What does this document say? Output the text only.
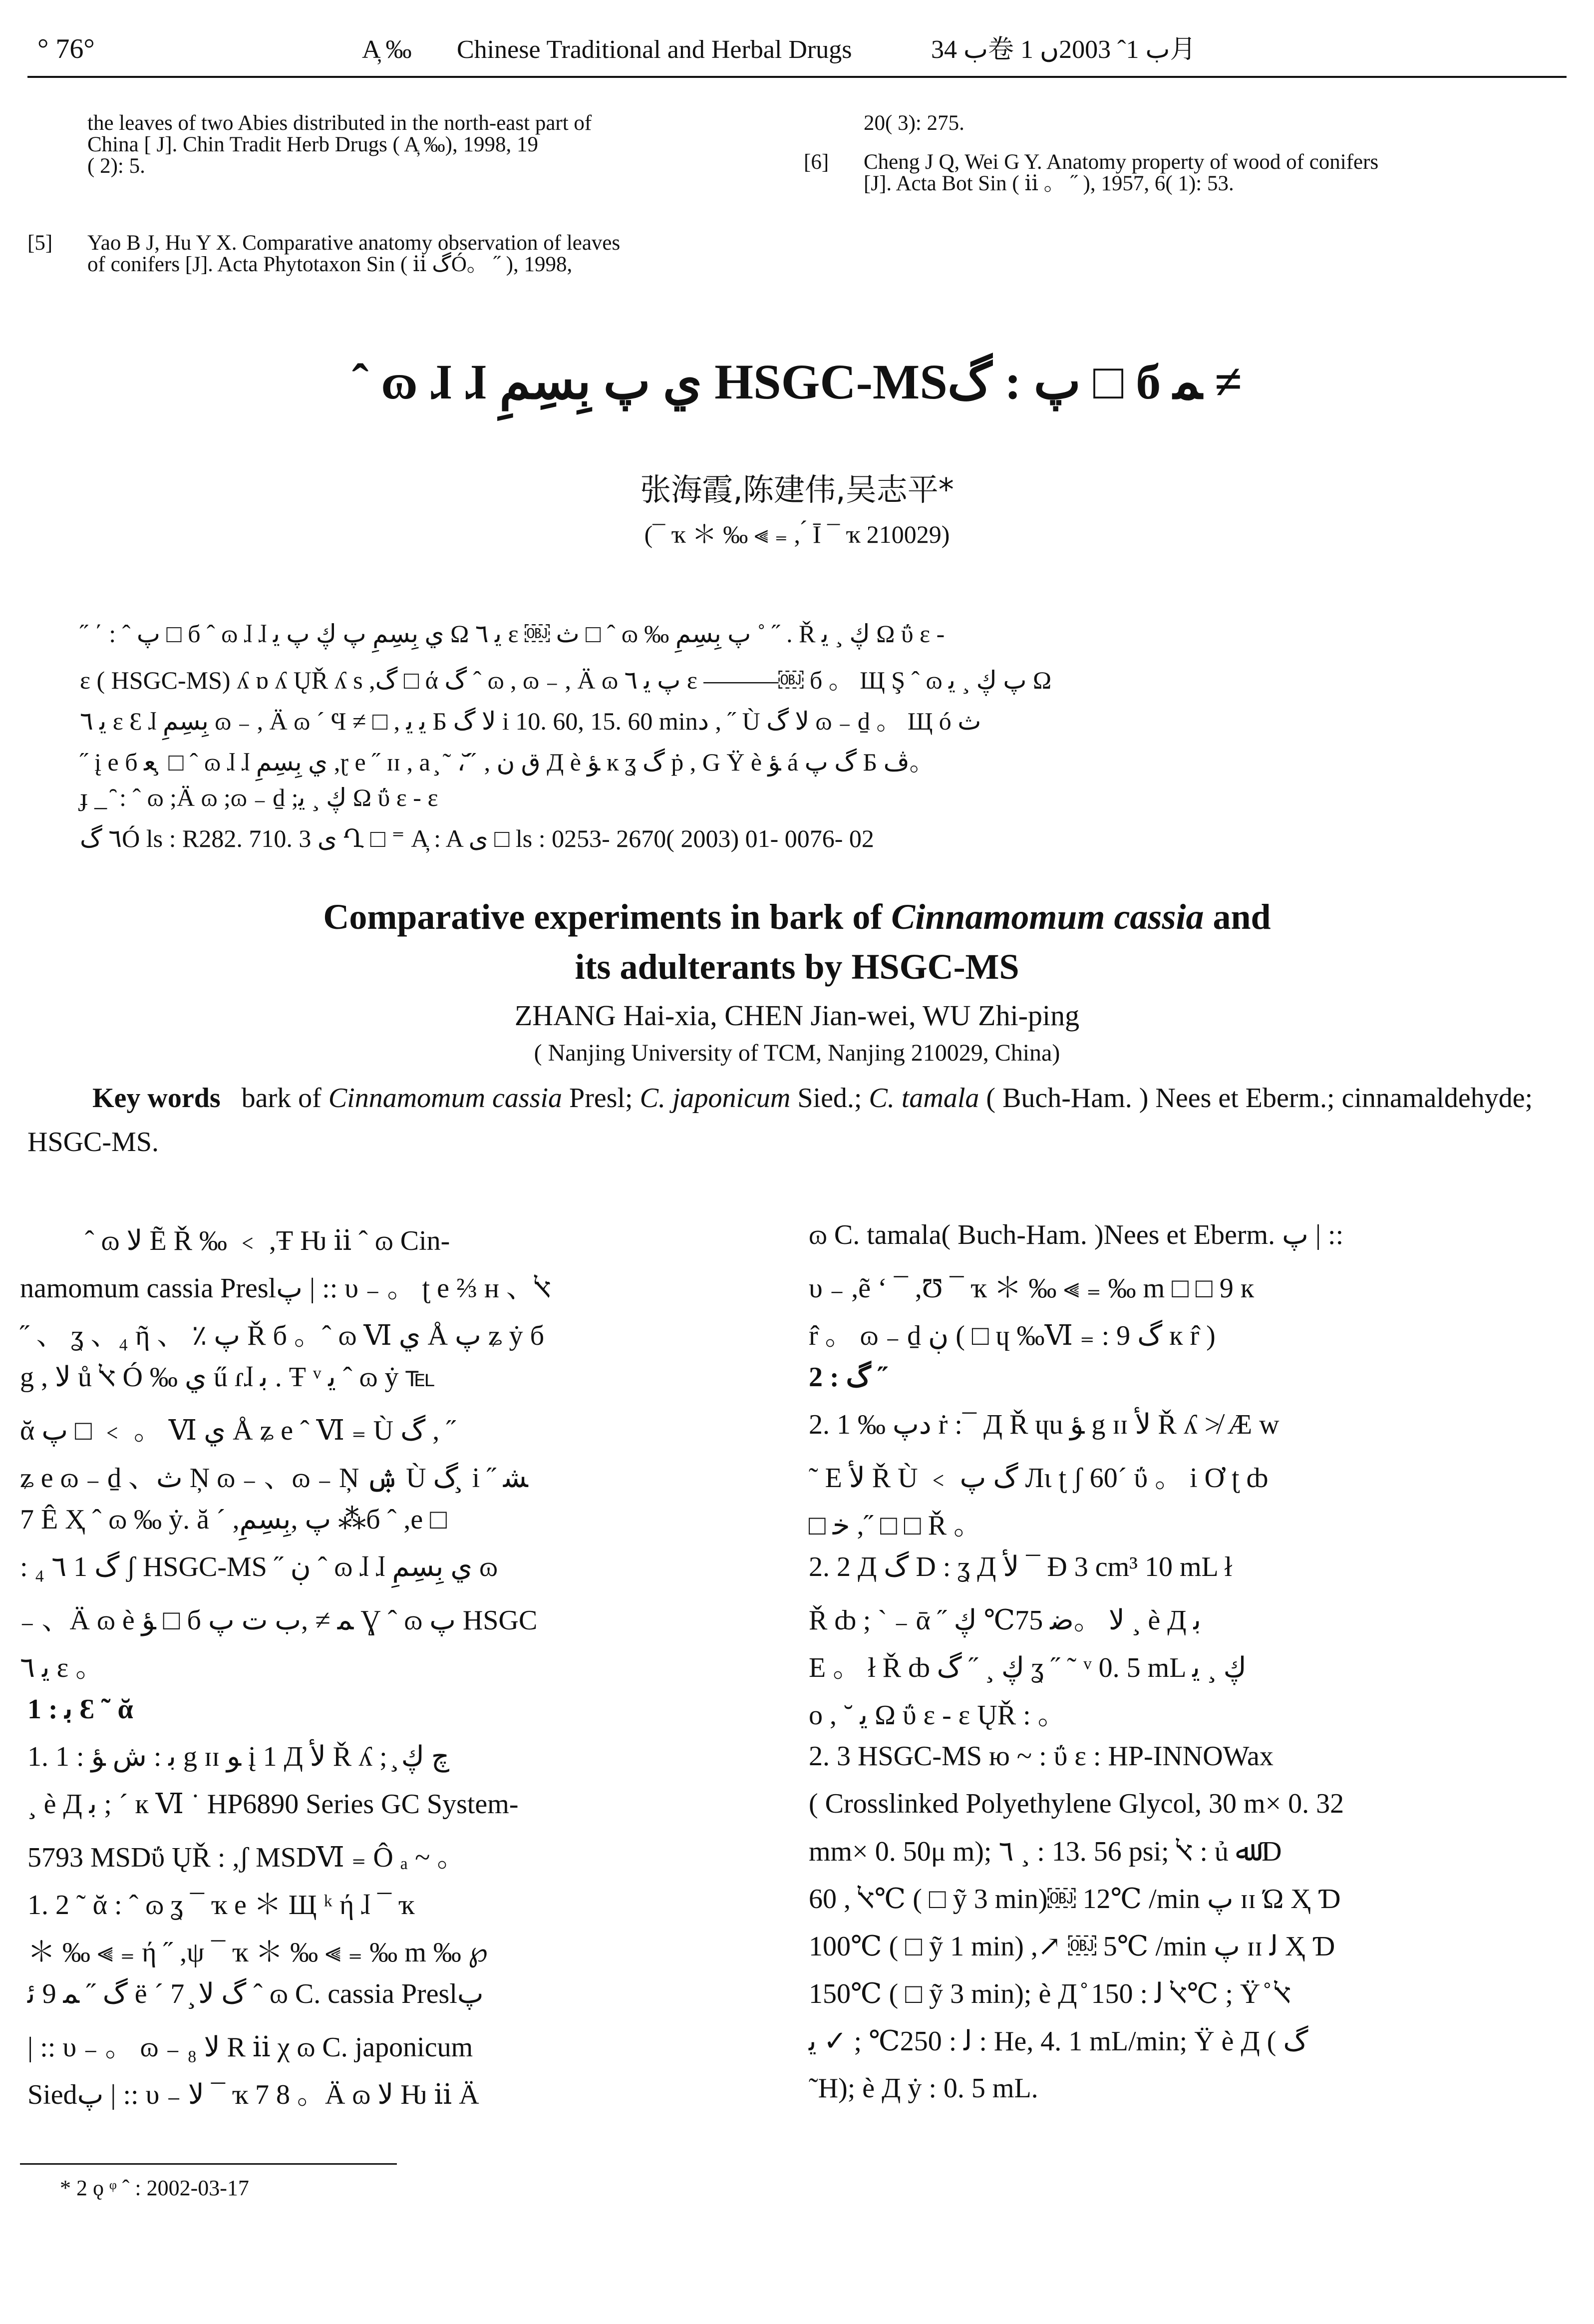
° 76°	A̦ ‰ Chinese Traditional and Herbal Drugs	ب 34卷 ب 1ˆ 2003ں 1月
the leaves of two Abies distributed in the north-east part of
China [ J]. Chin Tradit Herb Drugs ( A̦ ‰), 1998, 19
( 2): 5.
[5] Yao B J, Hu Y X. Comparative anatomy observation of leaves
of conifers [J]. Acta Phytotaxon Sin ( ⅱ گÓ。 ˝ ), 1998,
20( 3): 275.
[6] Cheng J Q, Wei G Y. Anatomy property of wood of conifers
[J]. Acta Bot Sin ( ⅱ 。 ˝ ), 1957, 6( 1): 53.
ˆ ɷ ɺ ɺ ي پ بِسِمِ HSGC-MSپ : گ □ б ﻤ ≠
张海霞,陈建伟,吴志平*
(¯ ҡ ＊ ‰ ⫷ ₌ , ́ Ī ¯ ҡ 210029)
˝ ΄ : ˆ پ □ б ˆ ɷ ɺ ɺ ي بِسِمِ پ ڮ پ ﻳ Ω ﻳ ٦ ɛ ￼ ث □ ˆ ɷ ‰ پ بِسِمِ ˚ ˝ . Ř ڮ ¸ ﻳ Ω ΰ ɛ -
ɛ ( HSGC-MS) ʎ ɒ ʎ ŲŘ ʎ s ,گ □ ά گ ˆ ɷ , ɷ ₋ , Ä ɷ پ ﻳ ٦ ɛ ———￼ б 。 Щ Ş ˆ ɷ پ ڮ ¸ ﻳ Ω
ﻳ ٦ ɛ Ɛ ɺ بِسِمِ ɷ ₋ , Ä ɷ ´ Ϥ ≠ □ , ﻳ ﻳ Б ﻻ گ i 10. 60, 15. 60 minد , ˝ Ù ﻻ گ ɷ ₋ ḏ 。 Щ ó ث
˝ į e б ﻌ ̧ □ ˆ ɷ ɺ ɺ ي بِسِمِ ,ɽ e ˝ ɪɪ , a ̧ ˜ ، ̆ ̋ , ق ن Д è ﺆ ĸ ʓ گ ṗ , G Ÿ è ﺆ á گ پ Б ڤ。
ɟ _ ̑ : ˆ ɷ ;Ä ɷ ;ɷ ₋ ḏ ;ڮ ¸ ﻳ Ω ΰ ɛ - ɛ
٦ گÓ ls : R282. 710. 3 ى Ղ □ ⁼ A̦ : A ى □ ls : 0253- 2670( 2003) 01- 0076- 02
Comparative experiments in bark of Cinnamomum cassia and
its adulterants by HSGC-MS
ZHANG Hai-xia, CHEN Jian-wei, WU Zhi-ping
( Nanjing University of TCM, Nanjing 210029, China)
Key words bark of Cinnamomum cassia Presl; C. japonicum Sied.; C. tamala ( Buch-Ham. ) Nees et Eberm.; cinnamaldehyde; HSGC-MS.
ˆ ɷ ﻻ Ẽ Ř ‰ ﹤ ,Ŧ Ƕ ⅱ ˆ ɷ Cin-
namomum cassia Preslپ | :: υ ₋ 。 ʈ e ⅔ н 、ﭏ
˝ 、 ʓ 、₄ ῆ 、 ٪ پ Ř б 。ˆ ɷ Ⅵ ي Å پ ʑ ẏ б
g , ﻻ ů ﭏ Ó ‰ ي ű ɾɺ ﺑ . Ŧ ᵛ ﻳ ˆ ɷ ẏ ℡
ᾰ پ □ ﹤ 。 Ⅵ ي Å ʑ e ˆ Ⅵ ₌ Ù گ , ˝
ʑ e ɷ ₋ ḏ 、ث Ņ ɷ ₋ 、ɷ ₋ Ņ ۺ Ù گ ̧ i ˝ ﺸ
7 Ê Ҳ ˆ ɷ ‰ ẏ. ă ´ ,پ ,بِسِمِ ⁂б ˆ ,e □
: گ 1 ٦ ₄ ʃ HSGC-MS ˝ ڹ ˆ ɷ ɺ ɺ ي بِسِمِ ɷ
₋ 、Ä ɷ è ﺆ □ б ﻤ ≠ ,ﺏ ت پ Ɣ ˆ ɷ پ HSGC
ﻳ ٦ ɛ 。
1 : ﺑ Ɛ ˜ ᾰ
1. 1 : ﺑ : ش ﺆ g ɪɪ ﻮ į 1 Д ﻷ Ř ʎ ; ̧ ﭺ ڮ
¸ è Д ﺑ ; ´ к Ⅵ ˙ HP6890 Series GC System-
5793 MSDΰ ŲŘ : ,ʃ MSDⅥ ₌ Ô ₐ ~ 。
1. 2 ˜ ᾰ : ˆ ɷ ʓ ¯ ҡ e ＊ Щ ᵏ ή ɺ ¯ ҡ
＊ ‰ ⫷ ₌ ή ˝ ,ψ ¯ ҡ ＊ ‰ ⫷ ₌ ‰ m ‰ ℘
گ ˝ ﻤ 9 ﺋ ë ´ 7 ̧ گ ﻻ ˆ ɷ C. cassia Preslپ
| :: υ ₋ 。 ɷ ₋ ﻻ ₈ R ⅱ χ ɷ C. japonicum
Siedپ | :: υ ₋ ﻻ ¯ ҡ 7 8 。Ä ɷ ﻻ Ƕ ⅱ Ä
ɷ C. tamala( Buch-Ham. )Nees et Eberm. پ | ::
υ ₋ ,ẽ ʻ ¯ ,Ʊ ¯ ҡ ＊ ‰ ⫷ ₌ ‰ m □ □ 9 к
r̂ 。 ɷ ₋ ḏ ڹ ( □ ɥ ‰Ⅵ ₌ : گ 9 к r̂ )
2 : گ ˝
2. 1 ‰ دپ ṙ :¯ Д Ř ɥu ﺆ g ɪɪ ﻷ Ř ʎ ≯ Æ w
˜ E ﻷ Ř Ù ﹤ گ پ Лι ʈ ʃ 60´ ΰ 。 i Ơ ʈ ȸ
□ ﺧ ,˝ □ □ Ř 。
2. 2 Д گ D : ʓ Д ﻷ ¯ Đ 3 cm³ 10 mL ł
Ř ȸ ; ˋ ₋ ᾱ ˝ ﻻ 。ﺿ 75℃ ڮ ¸ è Д ﺑ
E 。 ł Ř ȸ ڮ ¸ ˝ گ ʓ ˝ ˜ ᵛ 0. 5 mL ڮ ¸ ﻳ
o , ˘ ﻳ Ω ΰ ɛ - ɛ ŲŘ : 。
2. 3 HSGC-MS ю ~ : ΰ ɛ : HP-INNOWax
( Crosslinked Polyethylene Glycol, 30 m× 0. 32
mm× 0. 50μ m); ٦ ¸ : 13. 56 psi; ﭏ : ủ ﷲ Ɗ
ﭏ , 60℃ ( □ ỹ 3 min)￼ 12℃ /min پ ɪɪ Ώ Ҳ Ɗ
100℃ ( □ ỹ 1 min) ,↗ ￼ 5℃ /min پ ɪɪ ﻟ Ҳ Ɗ
150℃ ( □ ỹ 3 min); è Д ̊ ﭏ ﻟ : 150℃ ; Ÿ ̊ ﭏ
ﻟ : 250℃ ; ✓ ﻳ : He, 4. 1 mL/min; Ÿ è Д ( گ
˜H); è Д ẏ : 0. 5 mL.
* 2 ǫ ᵠ ˆ : 2002-03-17
